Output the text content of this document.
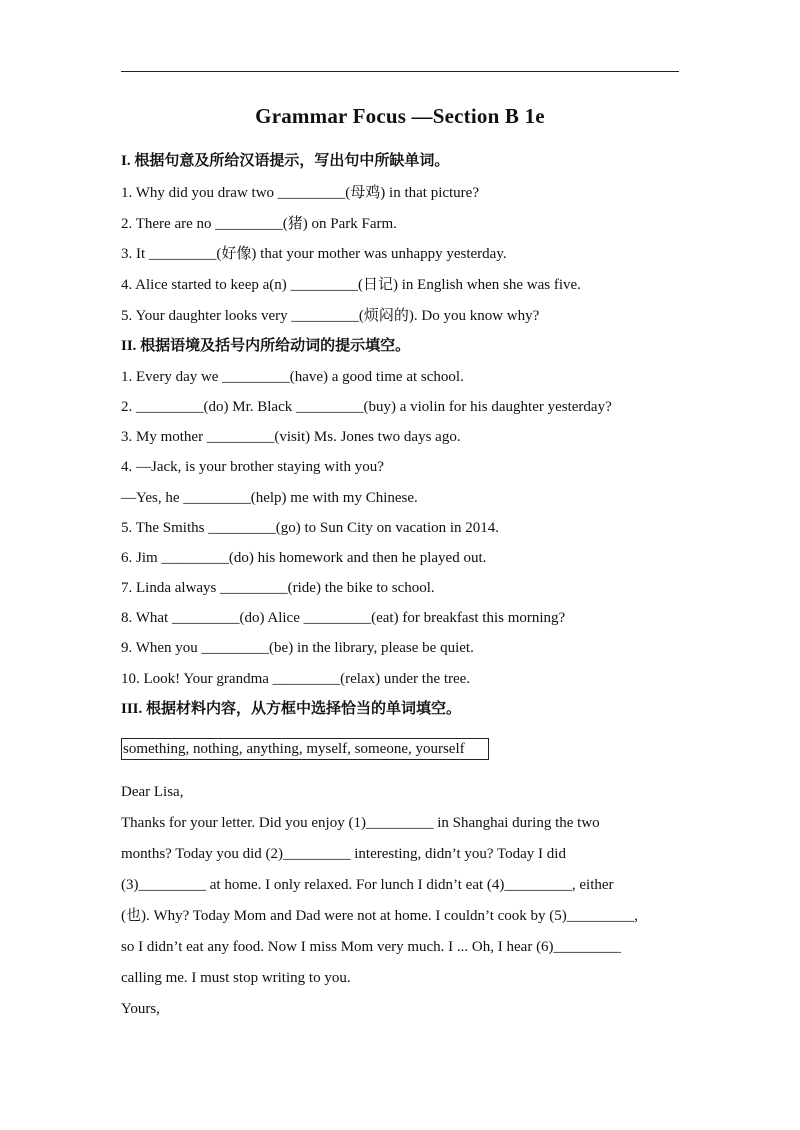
Grammar Focus —Section B 1e
I. 根据句意及所给汉语提示，写出句中所缺单词。
1. Why did you draw two _________(母鸡) in that picture?
2. There are no _________(猪) on Park Farm.
3. It _________(好像) that your mother was unhappy yesterday.
4. Alice started to keep a(n) _________(日记) in English when she was five.
5. Your daughter looks very _________(烦闷的). Do you know why?
II. 根据语境及括号内所给动词的提示填空。
1. Every day we _________(have) a good time at school.
2. _________(do) Mr. Black _________(buy) a violin for his daughter yesterday?
3. My mother _________(visit) Ms. Jones two days ago.
4. —Jack, is your brother staying with you?
—Yes, he _________(help) me with my Chinese.
5. The Smiths _________(go) to Sun City on vacation in 2014.
6. Jim _________(do) his homework and then he played out.
7. Linda always _________(ride) the bike to school.
8. What _________(do) Alice _________(eat) for breakfast this morning?
9. When you _________(be) in the library, please be quiet.
10. Look! Your grandma _________(relax) under the tree.
III. 根据材料内容，从方框中选择恰当的单词填空。
something, nothing, anything, myself, someone, yourself
Dear Lisa,
Thanks for your letter. Did you enjoy (1)_________ in Shanghai during the two
months? Today you did (2)_________ interesting, didn’t you? Today I did
(3)_________ at home. I only relaxed. For lunch I didn’t eat (4)_________, either
(也). Why? Today Mom and Dad were not at home. I couldn’t cook by (5)_________,
so I didn’t eat any food. Now I miss Mom very much. I ... Oh, I hear (6)_________
calling me. I must stop writing to you.
Yours,
